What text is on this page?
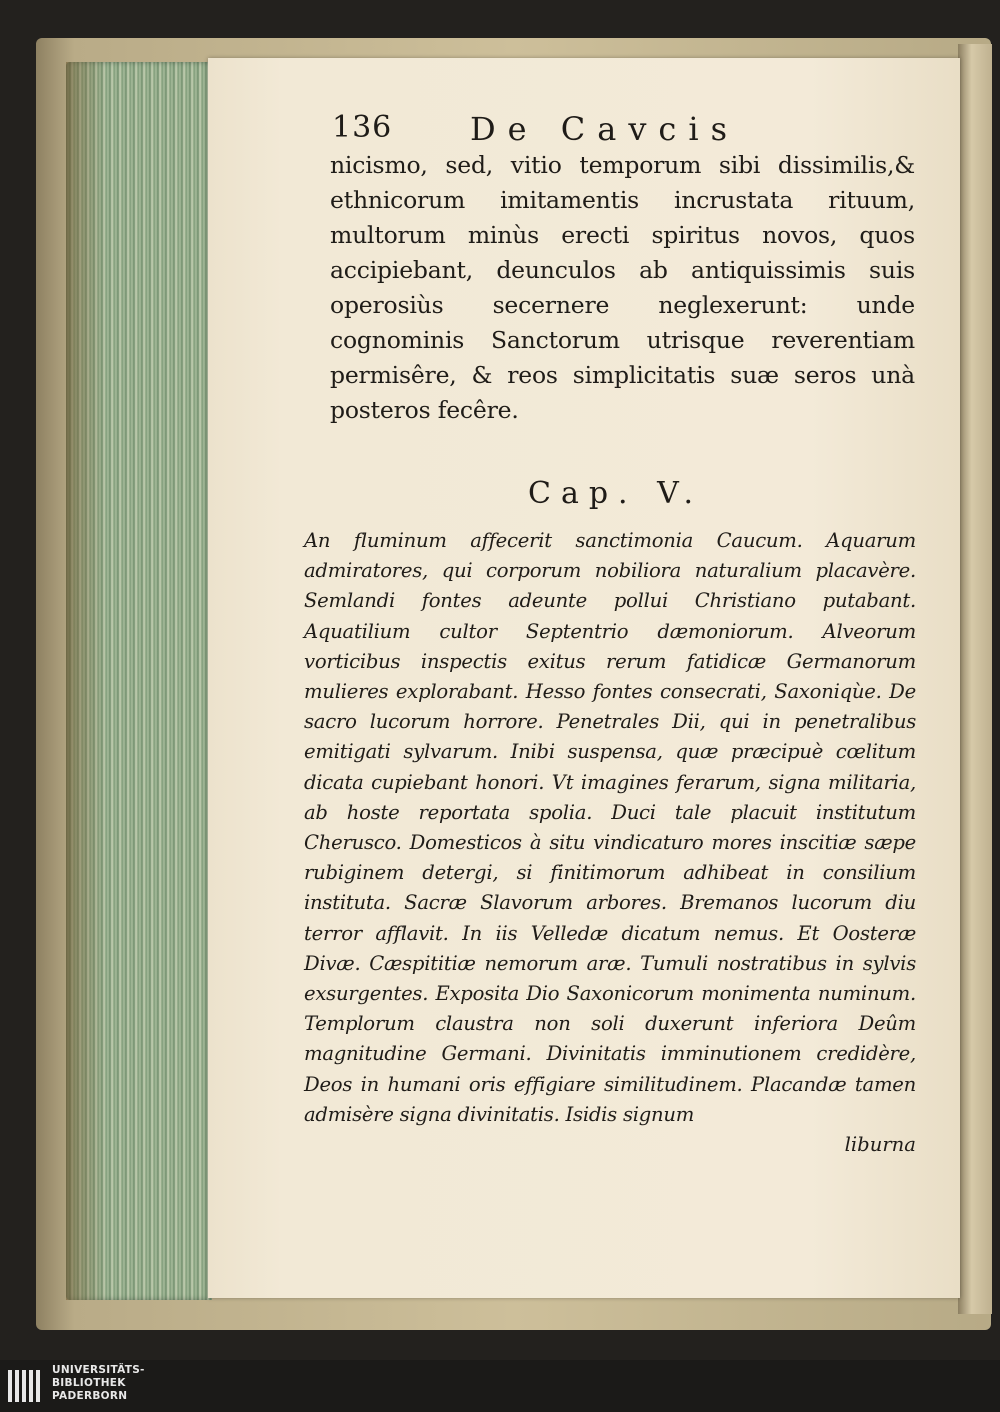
136 De Cavcis

nicismo, sed, vitio temporum sibi dissimilis,& ethnicorum imitamentis incrustata rituum, multorum minùs erecti spiritus novos, quos accipiebant, deunculos ab antiquissimis suis operosiùs secernere neglexerunt: unde cognominis Sanctorum utrisque reverentiam permisêre, & reos simplicitatis suæ seros unà posteros fecêre.

Cap. V.

An fluminum affecerit sanctimonia Caucum. Aquarum admiratores, qui corporum nobiliora naturalium placavère. Semlandi fontes adeunte pollui Christiano putabant. Aquatilium cultor Septentrio dæmoniorum. Alveorum vorticibus inspectis exitus rerum fatidicæ Germanorum mulieres explorabant. Hesso fontes consecrati, Saxoniqùe. De sacro lucorum horrore. Penetrales Dii, qui in penetralibus emitigati sylvarum. Inibi suspensa, quæ præcipuè cœlitum dicata cupiebant honori. Vt imagines ferarum, signa militaria, ab hoste reportata spolia. Duci tale placuit institutum Cherusco. Domesticos à situ vindicaturo mores inscitiæ sæpe rubiginem detergi, si finitimorum adhibeat in consilium instituta. Sacræ Slavorum arbores. Bremanos lucorum diu terror afflavit. In iis Velledæ dicatum nemus. Et Oosteræ Divæ. Cæspititiæ nemorum aræ. Tumuli nostratibus in sylvis exsurgentes. Exposita Dio Saxonicorum monimenta numinum. Templorum claustra non soli duxerunt inferiora Deûm magnitudine Germani. Divinitatis imminutionem credidère, Deos in humani oris effigiare similitudinem. Placandæ tamen admisère signa divinitatis. Isidis signum

liburna
UNIVERSITÄTS-
BIBLIOTHEK
PADERBORN
